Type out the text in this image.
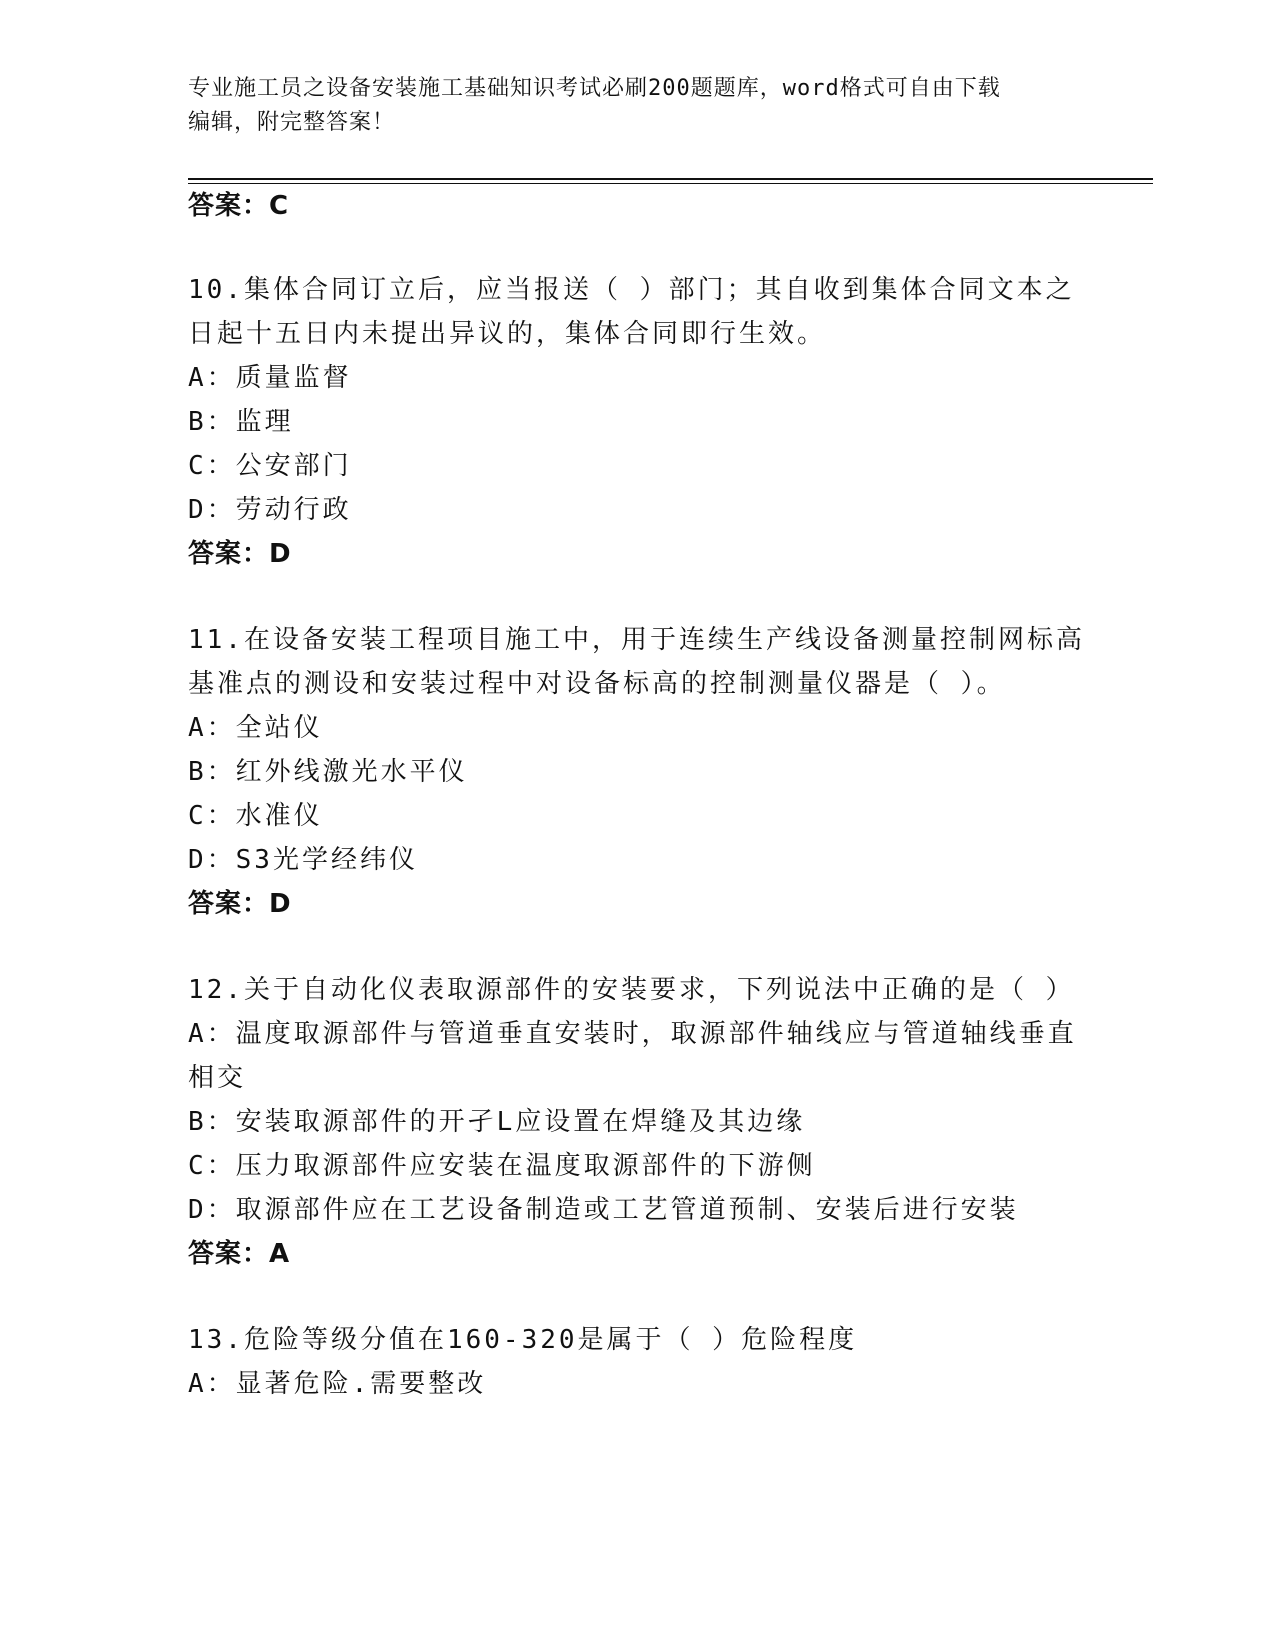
专业施工员之设备安装施工基础知识考试必刷200题题库，word格式可自由下载
编辑，附完整答案！
答案：C
10.集体合同订立后，应当报送（ ）部门；其自收到集体合同文本之
日起十五日内未提出异议的，集体合同即行生效。
A：质量监督
B：监理
C：公安部门
D：劳动行政
答案：D
11.在设备安装工程项目施工中，用于连续生产线设备测量控制网标高
基准点的测设和安装过程中对设备标高的控制测量仪器是（ ）。
A：全站仪
B：红外线激光水平仪
C：水准仪
D：S3光学经纬仪
答案：D
12.关于自动化仪表取源部件的安装要求，下列说法中正确的是（ ）
A：温度取源部件与管道垂直安装时，取源部件轴线应与管道轴线垂直
相交
B：安装取源部件的开孑L应设置在焊缝及其边缘
C：压力取源部件应安装在温度取源部件的下游侧
D：取源部件应在工艺设备制造或工艺管道预制、安装后进行安装
答案：A
13.危险等级分值在160-320是属于（ ）危险程度
A：显著危险.需要整改
